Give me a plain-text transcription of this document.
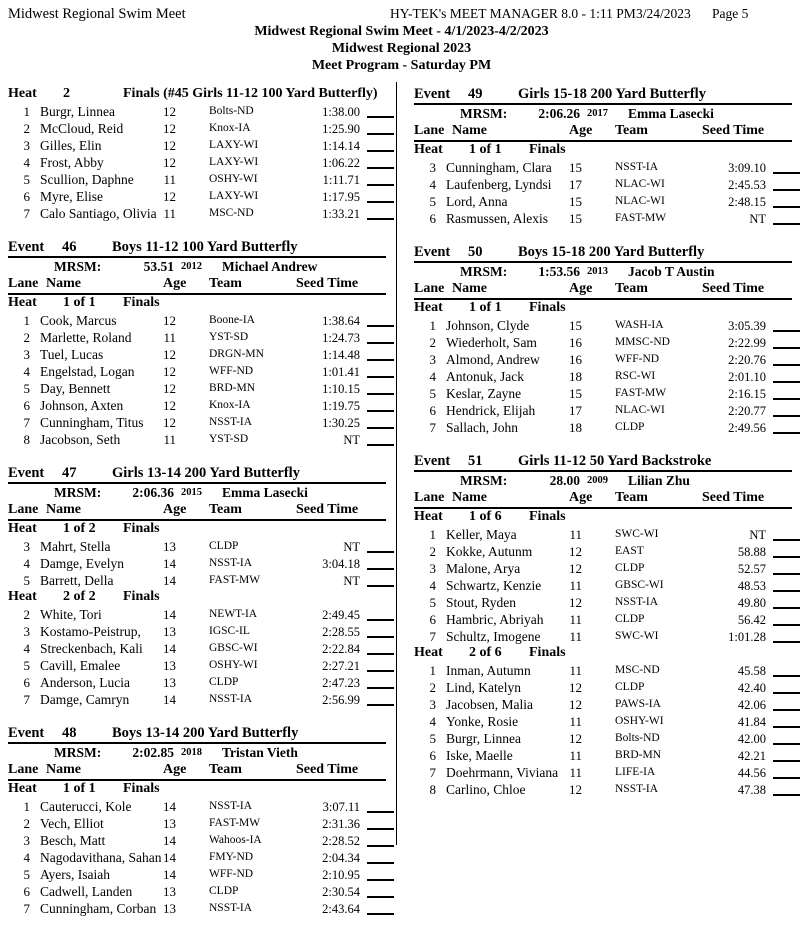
Midwest Regional Swim Meet	HY-TEK's MEET MANAGER 8.0 - 1:11 PM 3/24/2023 Page 5
Midwest Regional Swim Meet - 4/1/2023-4/2/2023
Midwest Regional 2023
Meet Program - Saturday PM
Heat 2	Finals (#45 Girls 11-12 100 Yard Butterfly)
1 Burgr, Linnea	12	Bolts-ND	1:38.00
2 McCloud, Reid	12	Knox-IA	1:25.90
3 Gilles, Elin	12	LAXY-WI	1:14.14
4 Frost, Abby	12	LAXY-WI	1:06.22
5 Scullion, Daphne 11	OSHY-WI	1:11.71
6 Myre, Elise	12	LAXY-WI	1:17.95
7 Calo Santiago, Olivia 11	MSC-ND	1:33.21
Event 46 Boys 11-12 100 Yard Butterfly
MRSM:	53.51 2012 Michael Andrew
Lane Name	Age Team	Seed Time
Heat 1 of 1 Finals
1 Cook, Marcus	12	Boone-IA	1:38.64
2 Marlette, Roland 11	YST-SD	1:24.73
3 Tuel, Lucas	12	DRGN-MN	1:14.48
4 Engelstad, Logan 12	WFF-ND	1:01.41
5 Day, Bennett	12	BRD-MN	1:10.15
6 Johnson, Axten	12	Knox-IA	1:19.75
7 Cunningham, Titus 12	NSST-IA	1:30.25
8 Jacobson, Seth	11	YST-SD	NT
Event 47 Girls 13-14 200 Yard Butterfly
MRSM:	2:06.36 2015 Emma Lasecki
Lane Name	Age Team	Seed Time
Heat 1 of 2 Finals
3 Mahrt, Stella	13	CLDP	NT
4 Damge, Evelyn	14	NSST-IA	3:04.18
5 Barrett, Della	14	FAST-MW	NT
Heat 2 of 2 Finals
2 White, Tori	14	NEWT-IA	2:49.45
3 Kostamo-Peistrup, 13	IGSC-IL	2:28.55
4 Streckenbach, Kali 14	GBSC-WI	2:22.84
5 Cavill, Emalee	13	OSHY-WI	2:27.21
6 Anderson, Lucia	13	CLDP	2:47.23
7 Damge, Camryn	14	NSST-IA	2:56.99
Event 48 Boys 13-14 200 Yard Butterfly
MRSM:	2:02.85 2018 Tristan Vieth
Lane Name	Age Team	Seed Time
Heat 1 of 1 Finals
1 Cauterucci, Kole 14	NSST-IA	3:07.11
2 Vech, Elliot	13	FAST-MW	2:31.36
3 Besch, Matt	14	Wahoos-IA	2:28.52
4 Nagodavithana, Sahan 14	FMY-ND	2:04.34
5 Ayers, Isaiah	14	WFF-ND	2:10.95
6 Cadwell, Landen 13	CLDP	2:30.54
7 Cunningham, Corban 13	NSST-IA	2:43.64
Event 49 Girls 15-18 200 Yard Butterfly
MRSM:	2:06.26 2017 Emma Lasecki
Lane Name	Age Team	Seed Time
Heat 1 of 1 Finals
3 Cunningham, Clara 15	NSST-IA	3:09.10
4 Laufenberg, Lyndsi 17	NLAC-WI	2:45.53
5 Lord, Anna	15	NLAC-WI	2:48.15
6 Rasmussen, Alexis 15	FAST-MW	NT
Event 50 Boys 15-18 200 Yard Butterfly
MRSM:	1:53.56 2013 Jacob T Austin
Lane Name	Age Team	Seed Time
Heat 1 of 1 Finals
1 Johnson, Clyde	15	WASH-IA	3:05.39
2 Wiederholt, Sam 16	MMSC-ND	2:22.99
3 Almond, Andrew 16	WFF-ND	2:20.76
4 Antonuk, Jack	18	RSC-WI	2:01.10
5 Keslar, Zayne	15	FAST-MW	2:16.15
6 Hendrick, Elijah	17	NLAC-WI	2:20.77
7 Sallach, John	18	CLDP	2:49.56
Event 51 Girls 11-12 50 Yard Backstroke
MRSM:	28.00 2009 Lilian Zhu
Lane Name	Age Team	Seed Time
Heat 1 of 6 Finals
1 Keller, Maya	11	SWC-WI	NT
2 Kokke, Autunm	12	EAST	58.88
3 Malone, Arya	12	CLDP	52.57
4 Schwartz, Kenzie 11	GBSC-WI	48.53
5 Stout, Ryden	12	NSST-IA	49.80
6 Hambric, Abriyah 11	CLDP	56.42
7 Schultz, Imogene 11	SWC-WI	1:01.28
Heat 2 of 6 Finals
1 Inman, Autumn	11	MSC-ND	45.58
2 Lind, Katelyn	12	CLDP	42.40
3 Jacobsen, Malia	12	PAWS-IA	42.06
4 Yonke, Rosie	11	OSHY-WI	41.84
5 Burgr, Linnea	12	Bolts-ND	42.00
6 Iske, Maelle	11	BRD-MN	42.21
7 Doehrmann, Viviana 11	LIFE-IA	44.56
8 Carlino, Chloe	12	NSST-IA	47.38
